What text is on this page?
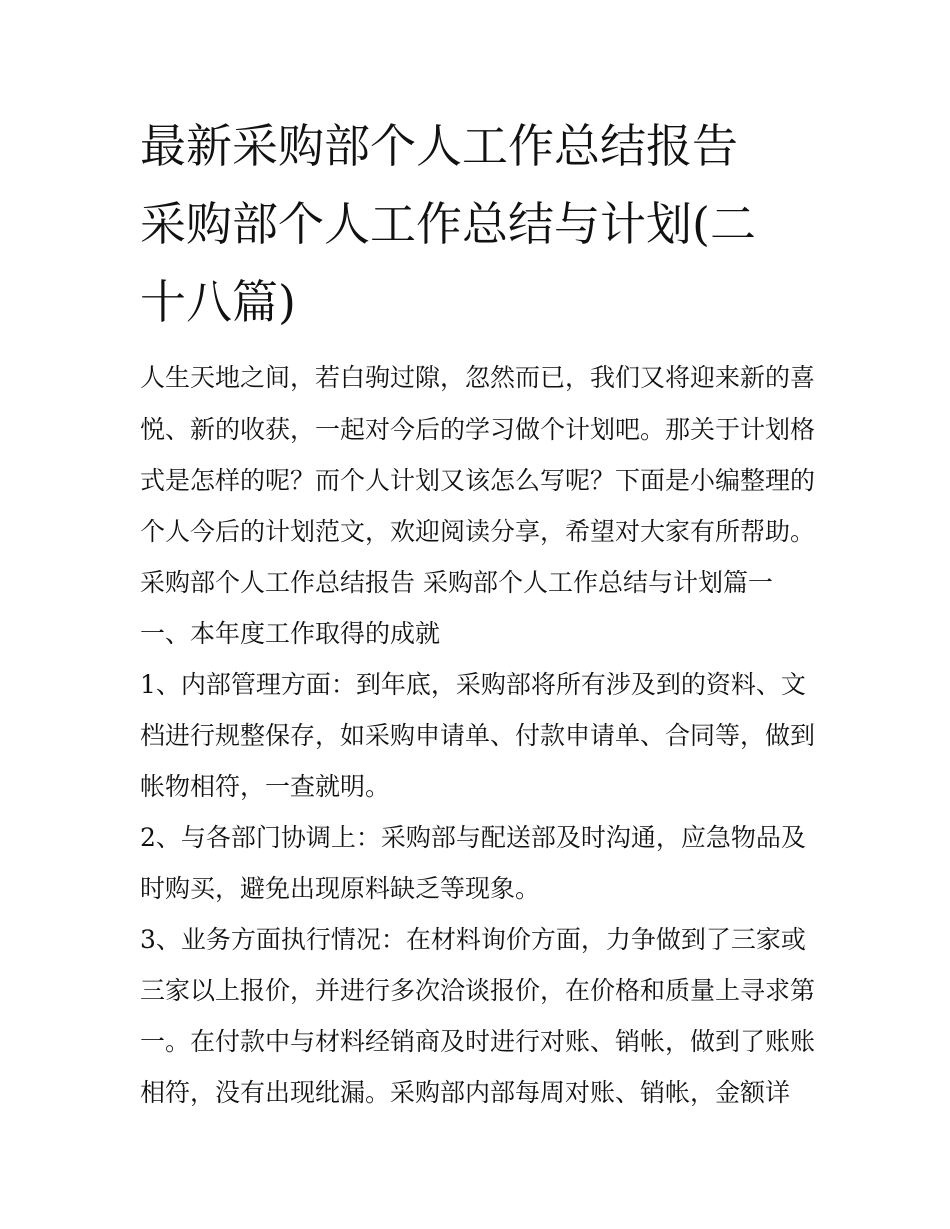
最新采购部个人工作总结报告
采购部个人工作总结与计划(二
十八篇)

人生天地之间，若白驹过隙，忽然而已，我们又将迎来新的喜

悦、新的收获，一起对今后的学习做个计划吧。那关于计划格

式是怎样的呢？而个人计划又该怎么写呢？下面是小编整理的

个人今后的计划范文，欢迎阅读分享，希望对大家有所帮助。

采购部个人工作总结报告 采购部个人工作总结与计划篇一

一、本年度工作取得的成就

1、内部管理方面：到年底，采购部将所有涉及到的资料、文

档进行规整保存，如采购申请单、付款申请单、合同等，做到

帐物相符，一查就明。

2、与各部门协调上：采购部与配送部及时沟通，应急物品及

时购买，避免出现原料缺乏等现象。

3、业务方面执行情况：在材料询价方面，力争做到了三家或

三家以上报价，并进行多次洽谈报价，在价格和质量上寻求第

一。在付款中与材料经销商及时进行对账、销帐，做到了账账

相符，没有出现纰漏。采购部内部每周对账、销帐，金额详
